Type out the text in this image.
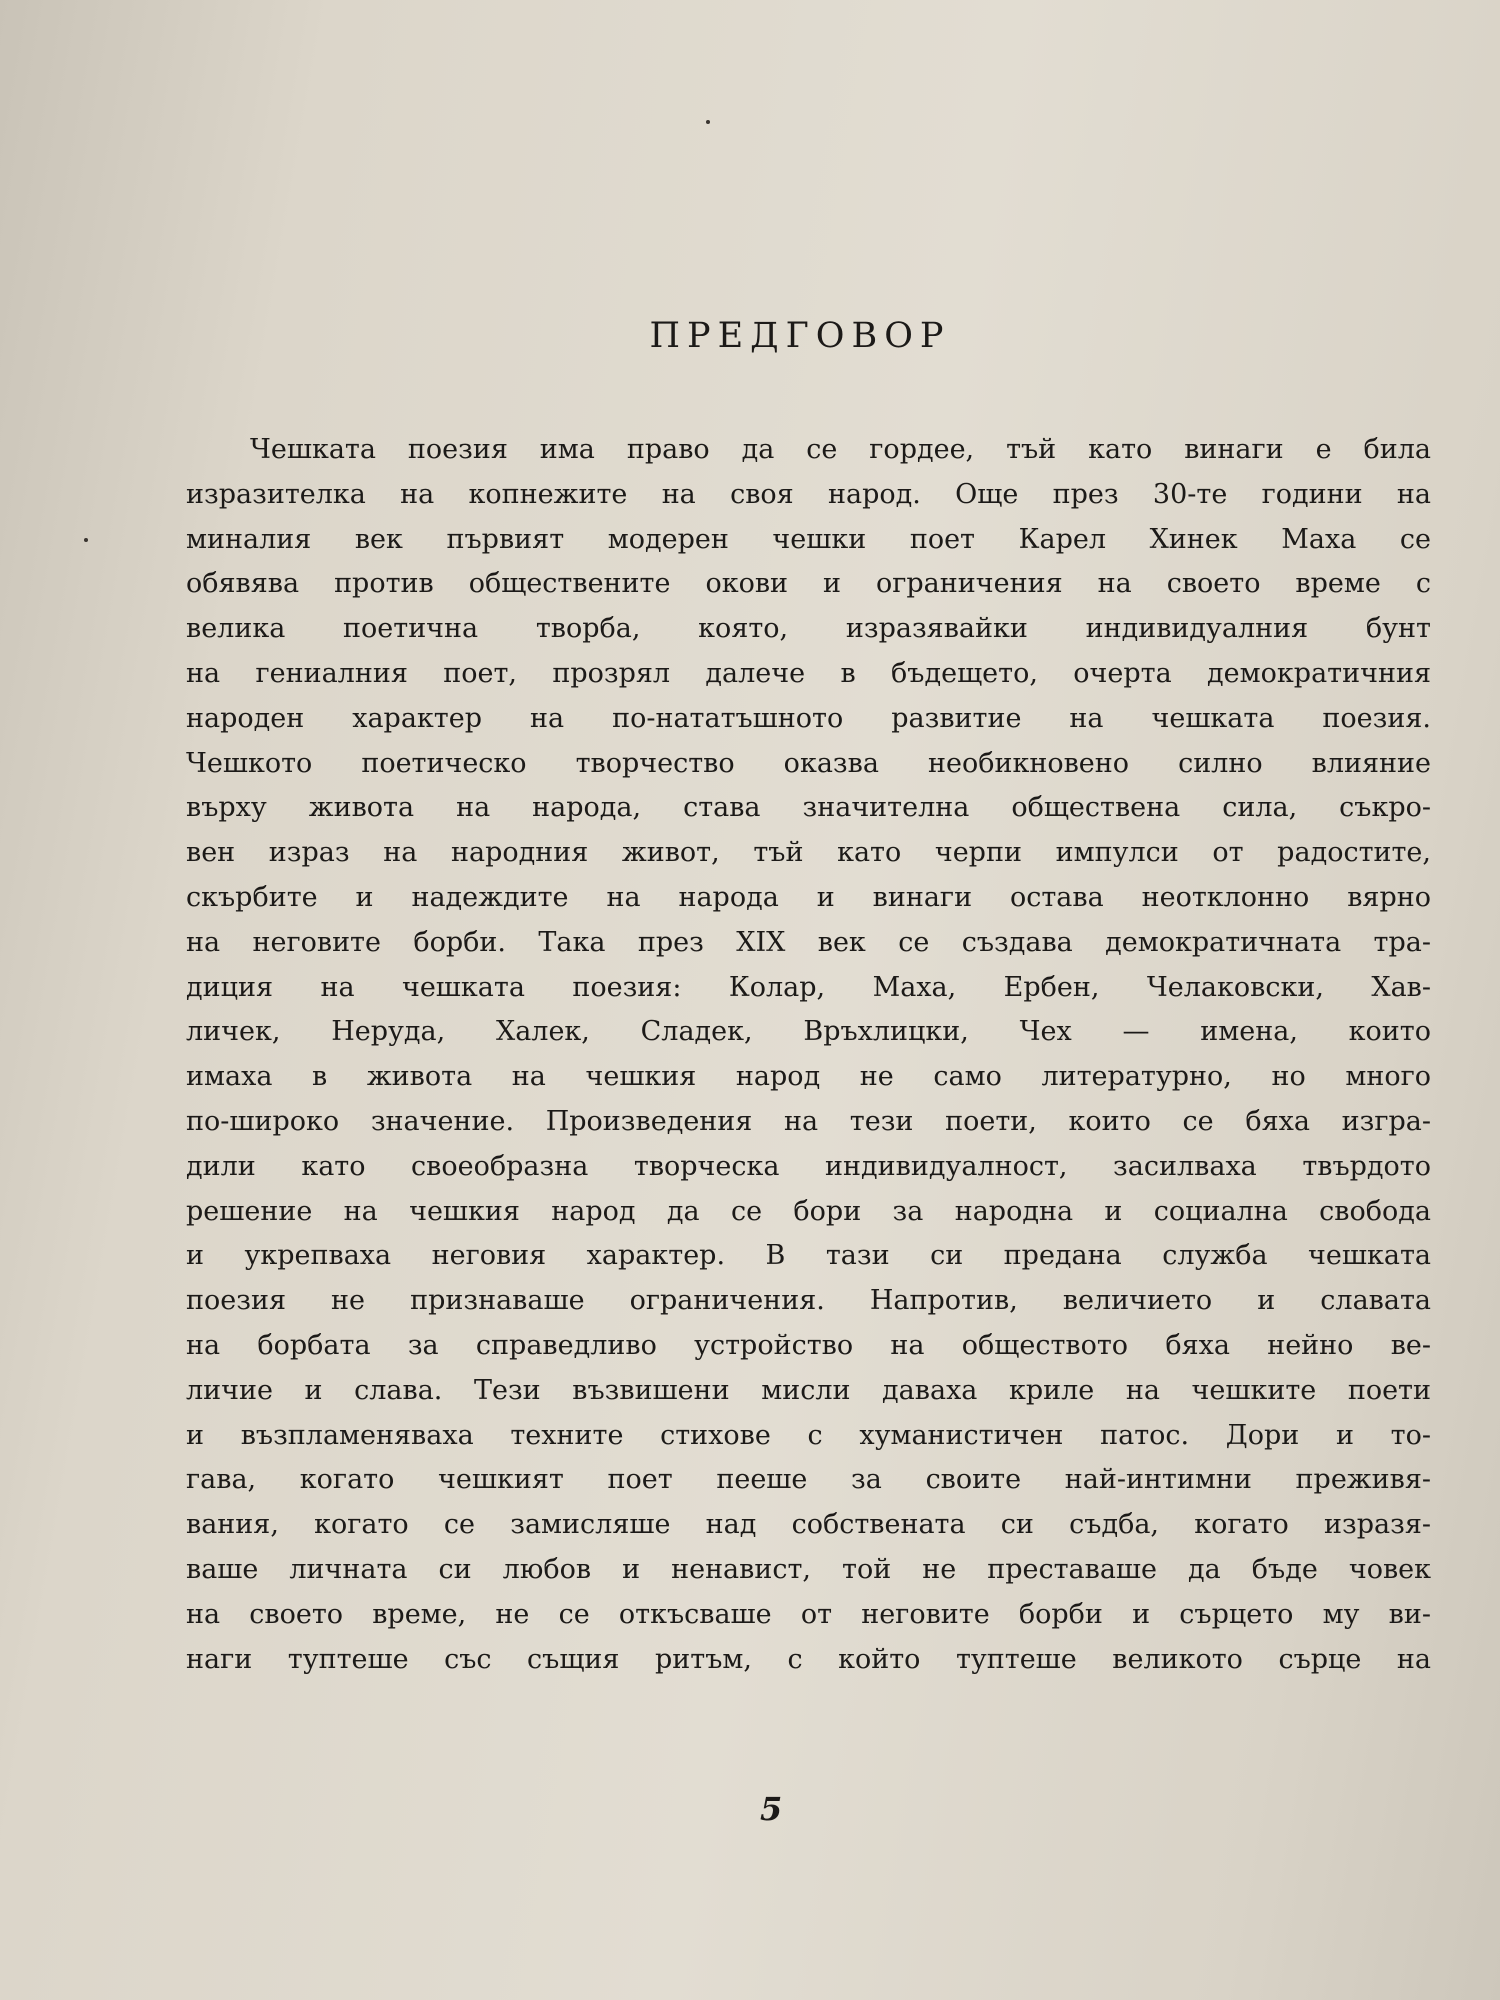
ПРЕДГОВОР
Чешката поезия има право да се гордее, тъй като винаги е била
изразителка на копнежите на своя народ. Още през 30-те години на
миналия век първият модерен чешки поет Карел Хинек Маха се
обявява против обществените окови и ограничения на своето време с
велика поетична творба, която, изразявайки индивидуалния бунт
на гениалния поет, прозрял далече в бъдещето, очерта демократичния
народен характер на по-нататъшното развитие на чешката поезия.
Чешкото поетическо творчество оказва необикновено силно влияние
върху живота на народа, става значителна обществена сила, съкро-
вен израз на народния живот, тъй като черпи импулси от радостите,
скърбите и надеждите на народа и винаги остава неотклонно вярно
на неговите борби. Така през XIX век се създава демократичната тра-
диция на чешката поезия: Колар, Маха, Ербен, Челаковски, Хав-
личек, Неруда, Халек, Сладек, Връхлицки, Чех — имена, които
имаха в живота на чешкия народ не само литературно, но много
по-широко значение. Произведения на тези поети, които се бяха изгра-
дили като своеобразна творческа индивидуалност, засилваха твърдото
решение на чешкия народ да се бори за народна и социална свобода
и укрепваха неговия характер. В тази си предана служба чешката
поезия не признаваше ограничения. Напротив, величието и славата
на борбата за справедливо устройство на обществото бяха нейно ве-
личие и слава. Тези възвишени мисли даваха криле на чешките поети
и възпламеняваха техните стихове с хуманистичен патос. Дори и то-
гава, когато чешкият поет пееше за своите най-интимни преживя-
вания, когато се замисляше над собствената си съдба, когато изразя-
ваше личната си любов и ненавист, той не преставаше да бъде човек
на своето време, не се откъсваше от неговите борби и сърцето му ви-
наги туптеше със същия ритъм, с който туптеше великото сърце на
5
